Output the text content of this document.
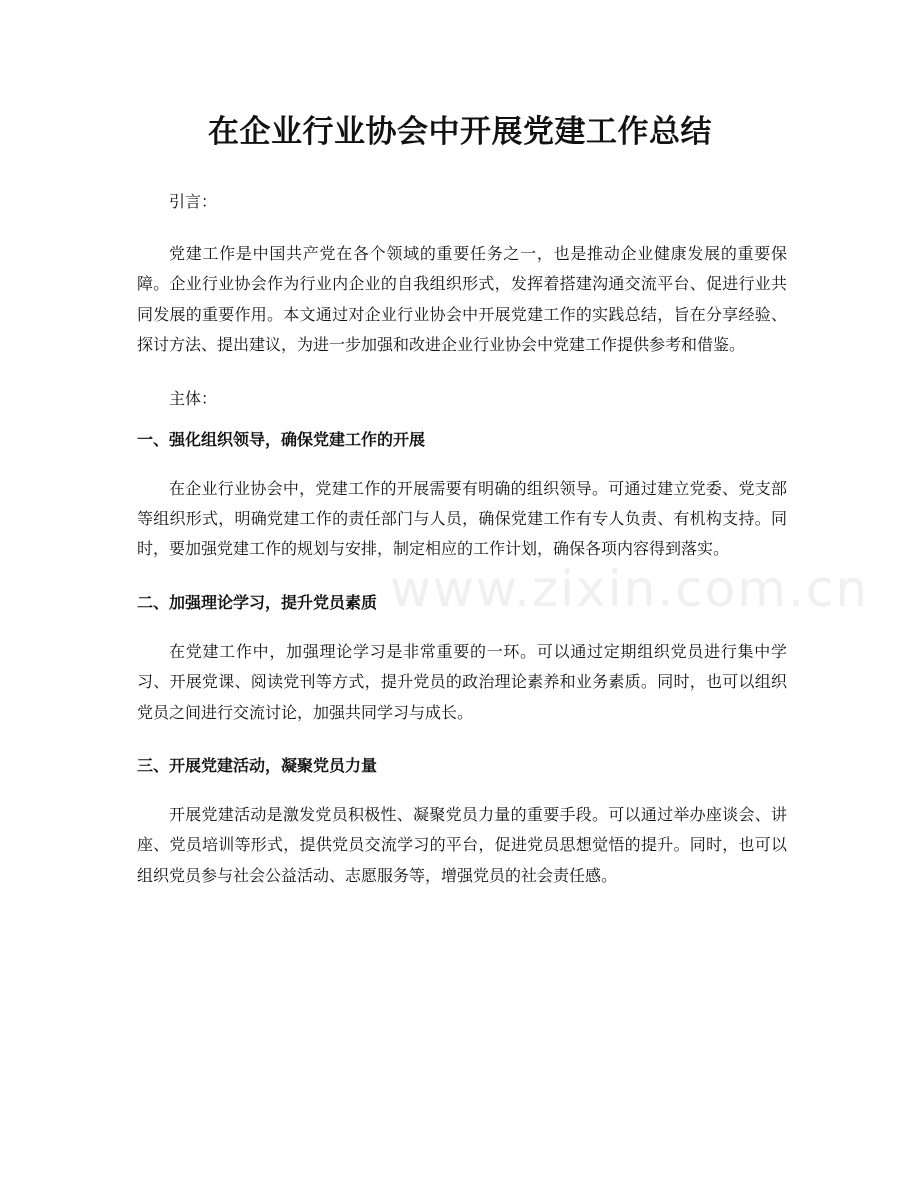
在企业行业协会中开展党建工作总结

引言：

党建工作是中国共产党在各个领域的重要任务之一，也是推动企业健康发展的重要保障。企业行业协会作为行业内企业的自我组织形式，发挥着搭建沟通交流平台、促进行业共同发展的重要作用。本文通过对企业行业协会中开展党建工作的实践总结，旨在分享经验、探讨方法、提出建议，为进一步加强和改进企业行业协会中党建工作提供参考和借鉴。

主体：

一、强化组织领导，确保党建工作的开展

在企业行业协会中，党建工作的开展需要有明确的组织领导。可通过建立党委、党支部等组织形式，明确党建工作的责任部门与人员，确保党建工作有专人负责、有机构支持。同时，要加强党建工作的规划与安排，制定相应的工作计划，确保各项内容得到落实。

二、加强理论学习，提升党员素质

在党建工作中，加强理论学习是非常重要的一环。可以通过定期组织党员进行集中学习、开展党课、阅读党刊等方式，提升党员的政治理论素养和业务素质。同时，也可以组织党员之间进行交流讨论，加强共同学习与成长。

三、开展党建活动，凝聚党员力量

开展党建活动是激发党员积极性、凝聚党员力量的重要手段。可以通过举办座谈会、讲座、党员培训等形式，提供党员交流学习的平台，促进党员思想觉悟的提升。同时，也可以组织党员参与社会公益活动、志愿服务等，增强党员的社会责任感。

www.zixin.com.cn
